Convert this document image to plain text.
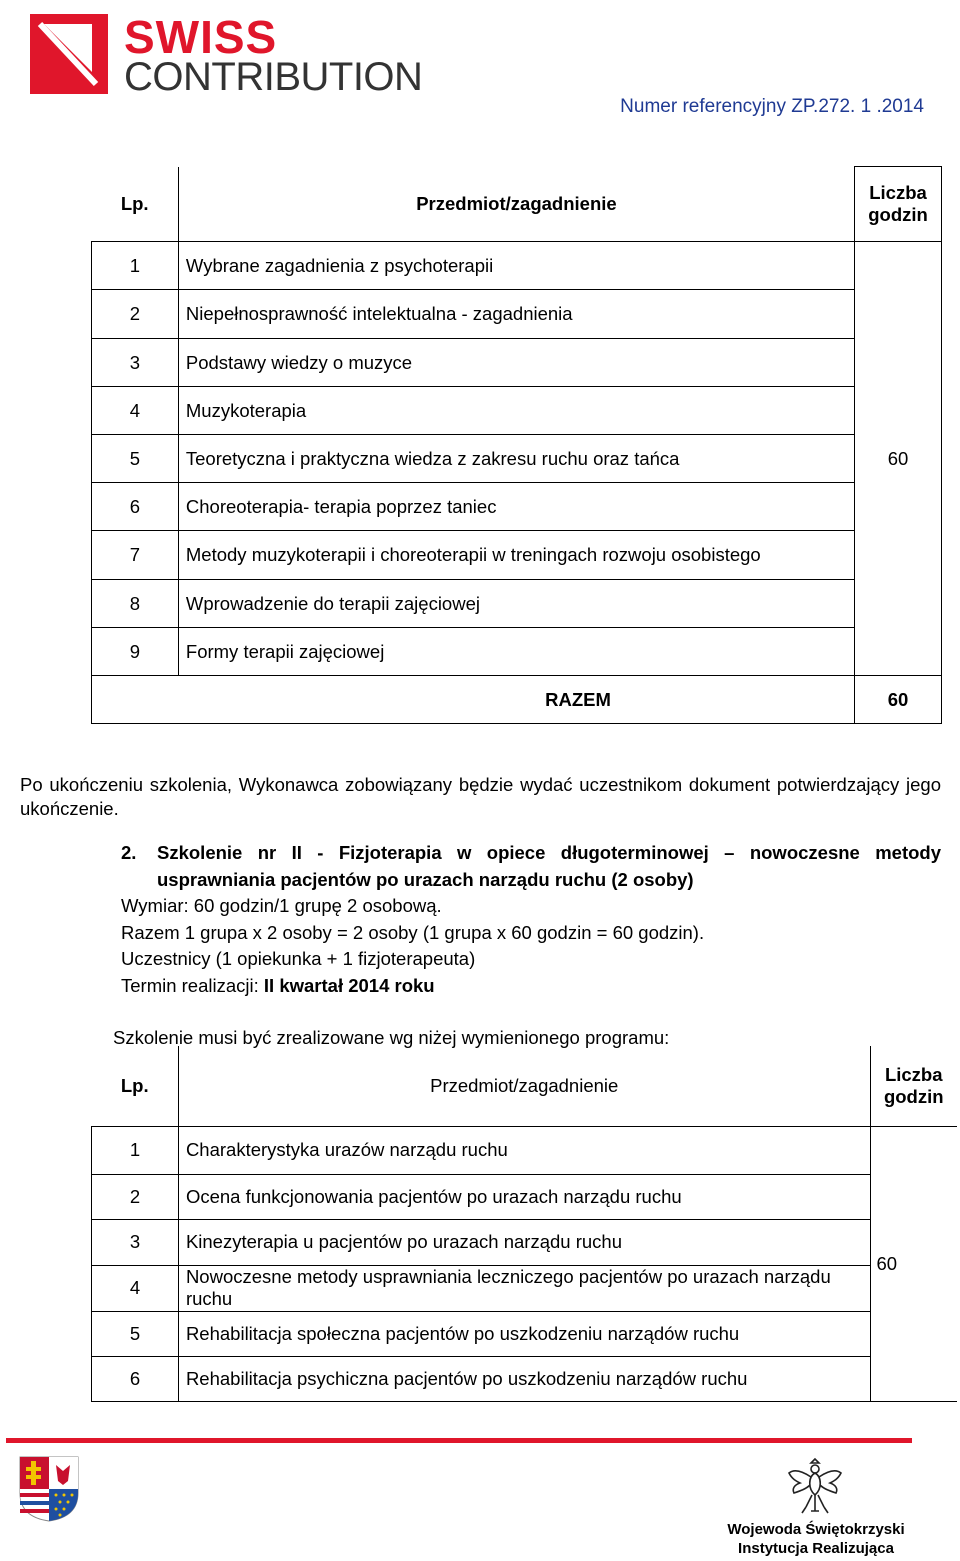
SWISS
CONTRIBUTION
Numer referencyjny ZP.272. 1 .2014
Lp.	Przedmiot/zagadnienie	Liczba godzin
1	Wybrane zagadnienia z psychoterapii	60
2	Niepełnosprawność intelektualna - zagadnienia	
3	Podstawy wiedzy o muzyce	
4	Muzykoterapia	
5	Teoretyczna i praktyczna wiedza z zakresu ruchu oraz tańca	
6	Choreoterapia- terapia poprzez taniec	
7	Metody muzykoterapii i choreoterapii w treningach rozwoju osobistego	
8	Wprowadzenie do terapii zajęciowej	
9	Formy terapii zajęciowej	
RAZEM		60
Po ukończeniu szkolenia, Wykonawca zobowiązany będzie wydać uczestnikom dokument potwierdzający jego ukończenie.
2.	Szkolenie nr II - Fizjoterapia w opiece długoterminowej – nowoczesne metody usprawniania pacjentów po urazach narządu ruchu (2 osoby)
Wymiar: 60 godzin/1 grupę 2 osobową.
Razem 1 grupa x 2 osoby = 2 osoby (1 grupa x 60 godzin = 60 godzin).
Uczestnicy (1 opiekunka + 1 fizjoterapeuta)
Termin realizacji: II kwartał 2014 roku
Szkolenie musi być zrealizowane wg niżej wymienionego programu:
Lp.	Przedmiot/zagadnienie	Liczba godzin
1	Charakterystyka urazów narządu ruchu	60
2	Ocena funkcjonowania pacjentów po urazach narządu ruchu	
3	Kinezyterapia u pacjentów po urazach narządu ruchu	
4	Nowoczesne metody usprawniania leczniczego pacjentów po urazach narządu ruchu	
5	Rehabilitacja społeczna pacjentów po uszkodzeniu narządów ruchu	
6	Rehabilitacja psychiczna pacjentów po uszkodzeniu narządów ruchu	
Wojewoda Świętokrzyski
Instytucja Realizująca
